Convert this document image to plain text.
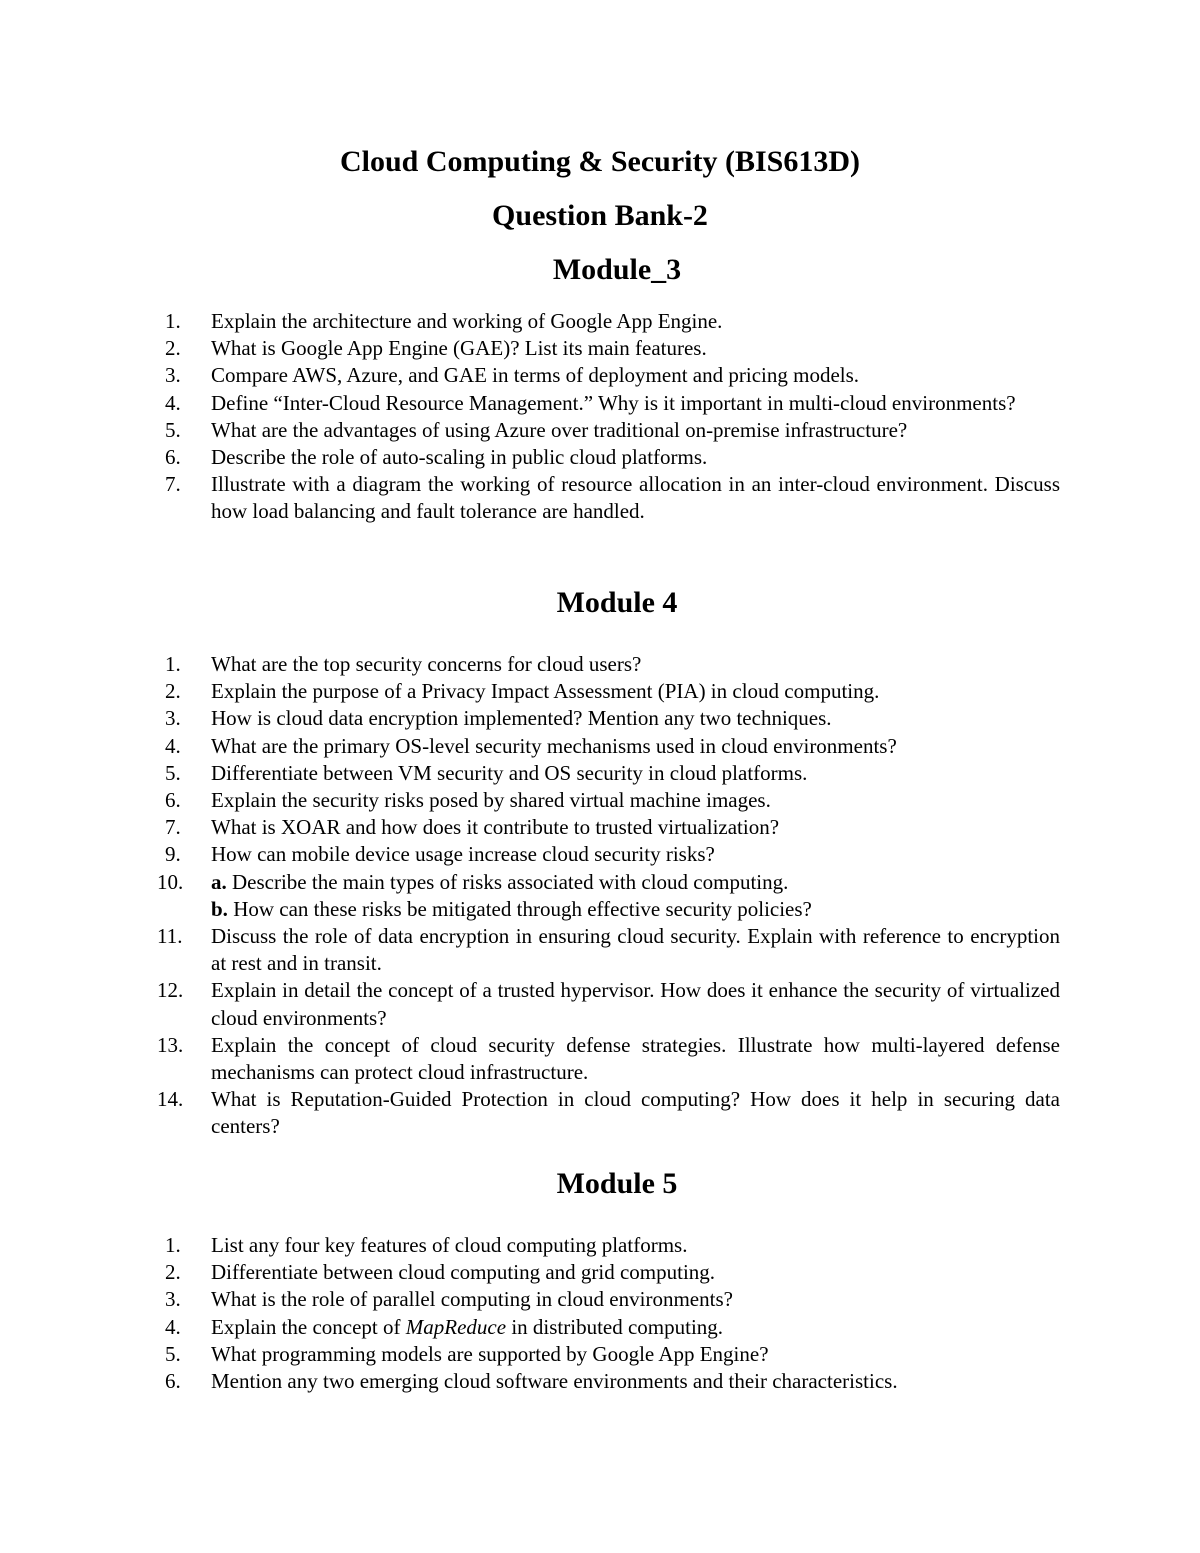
Cloud Computing & Security (BIS613D)
Question Bank-2
Module_3
1.	Explain the architecture and working of Google App Engine.
2.	What is Google App Engine (GAE)? List its main features.
3.	Compare AWS, Azure, and GAE in terms of deployment and pricing models.
4.	Define “Inter-Cloud Resource Management.” Why is it important in multi-cloud environments?
5.	What are the advantages of using Azure over traditional on-premise infrastructure?
6.	Describe the role of auto-scaling in public cloud platforms.
7.	Illustrate with a diagram the working of resource allocation in an inter-cloud environment. Discuss how load balancing and fault tolerance are handled.
Module 4
1.	What are the top security concerns for cloud users?
2.	Explain the purpose of a Privacy Impact Assessment (PIA) in cloud computing.
3.	How is cloud data encryption implemented? Mention any two techniques.
4.	What are the primary OS-level security mechanisms used in cloud environments?
5.	Differentiate between VM security and OS security in cloud platforms.
6.	Explain the security risks posed by shared virtual machine images.
7.	What is XOAR and how does it contribute to trusted virtualization?
9.	How can mobile device usage increase cloud security risks?
10.	a. Describe the main types of risks associated with cloud computing.
b. How can these risks be mitigated through effective security policies?
11.	Discuss the role of data encryption in ensuring cloud security. Explain with reference to encryption at rest and in transit.
12.	Explain in detail the concept of a trusted hypervisor. How does it enhance the security of virtualized cloud environments?
13.	Explain the concept of cloud security defense strategies. Illustrate how multi-layered defense mechanisms can protect cloud infrastructure.
14.	What is Reputation-Guided Protection in cloud computing? How does it help in securing data centers?
Module 5
1.	List any four key features of cloud computing platforms.
2.	Differentiate between cloud computing and grid computing.
3.	What is the role of parallel computing in cloud environments?
4.	Explain the concept of MapReduce in distributed computing.
5.	What programming models are supported by Google App Engine?
6.	Mention any two emerging cloud software environments and their characteristics.
